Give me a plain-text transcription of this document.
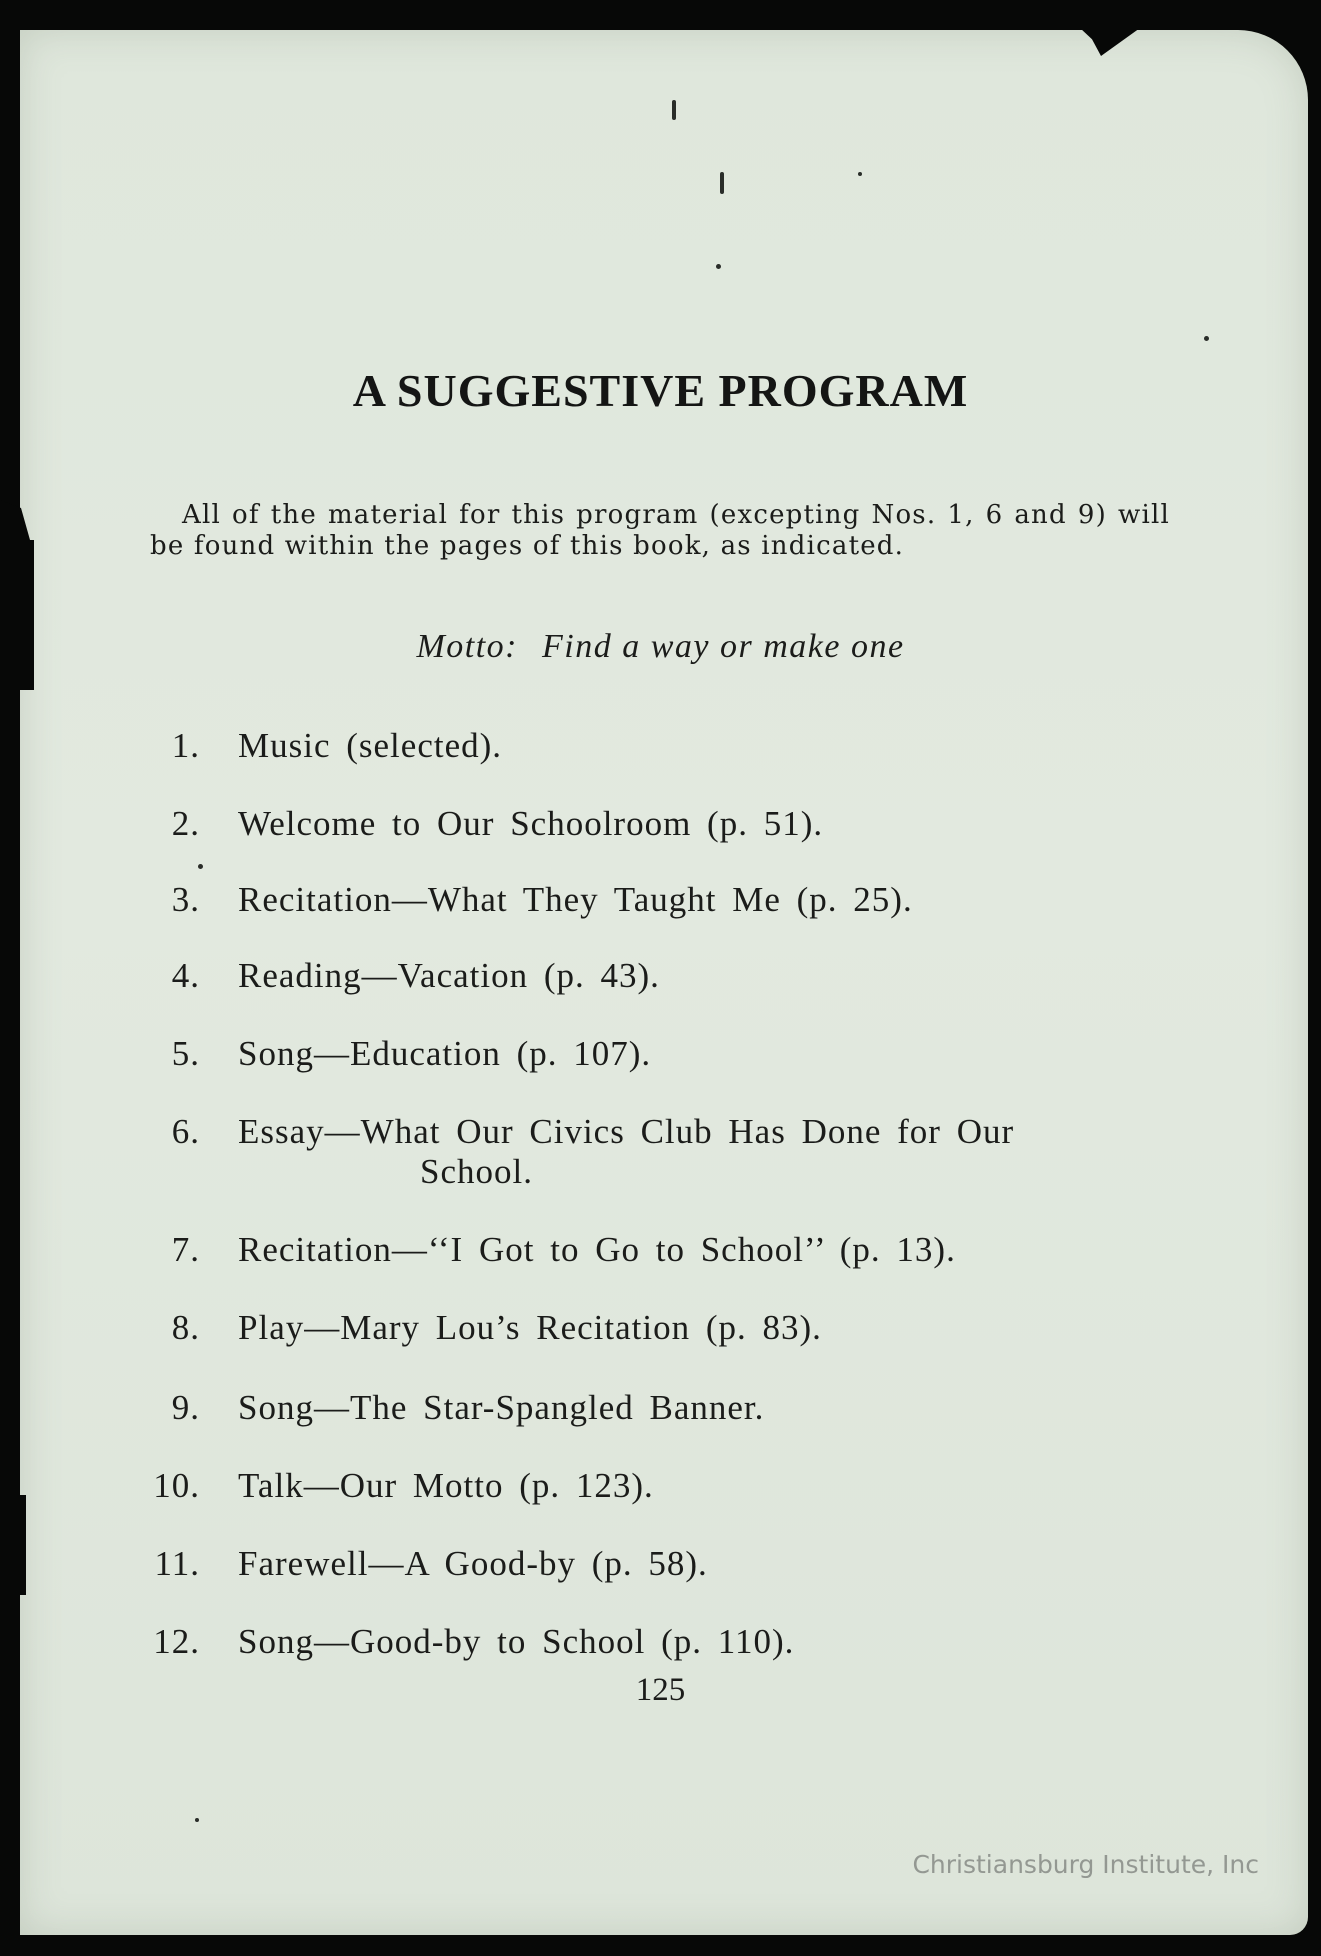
A SUGGESTIVE PROGRAM

All of the material for this program (excepting Nos. 1, 6 and 9) will be found within the pages of this book, as indicated.

Motto: Find a way or make one
1. Music (selected).
2. Welcome to Our Schoolroom (p. 51).
3. Recitation—What They Taught Me (p. 25).
4. Reading—Vacation (p. 43).
5. Song—Education (p. 107).
6. Essay—What Our Civics Club Has Done for Our
School.
7. Recitation—‘‘I Got to Go to School’’ (p. 13).
8. Play—Mary Lou’s Recitation (p. 83).
9. Song—The Star-Spangled Banner.
10. Talk—Our Motto (p. 123).
11. Farewell—A Good-by (p. 58).
12. Song—Good-by to School (p. 110).
125
Christiansburg Institute, Inc
